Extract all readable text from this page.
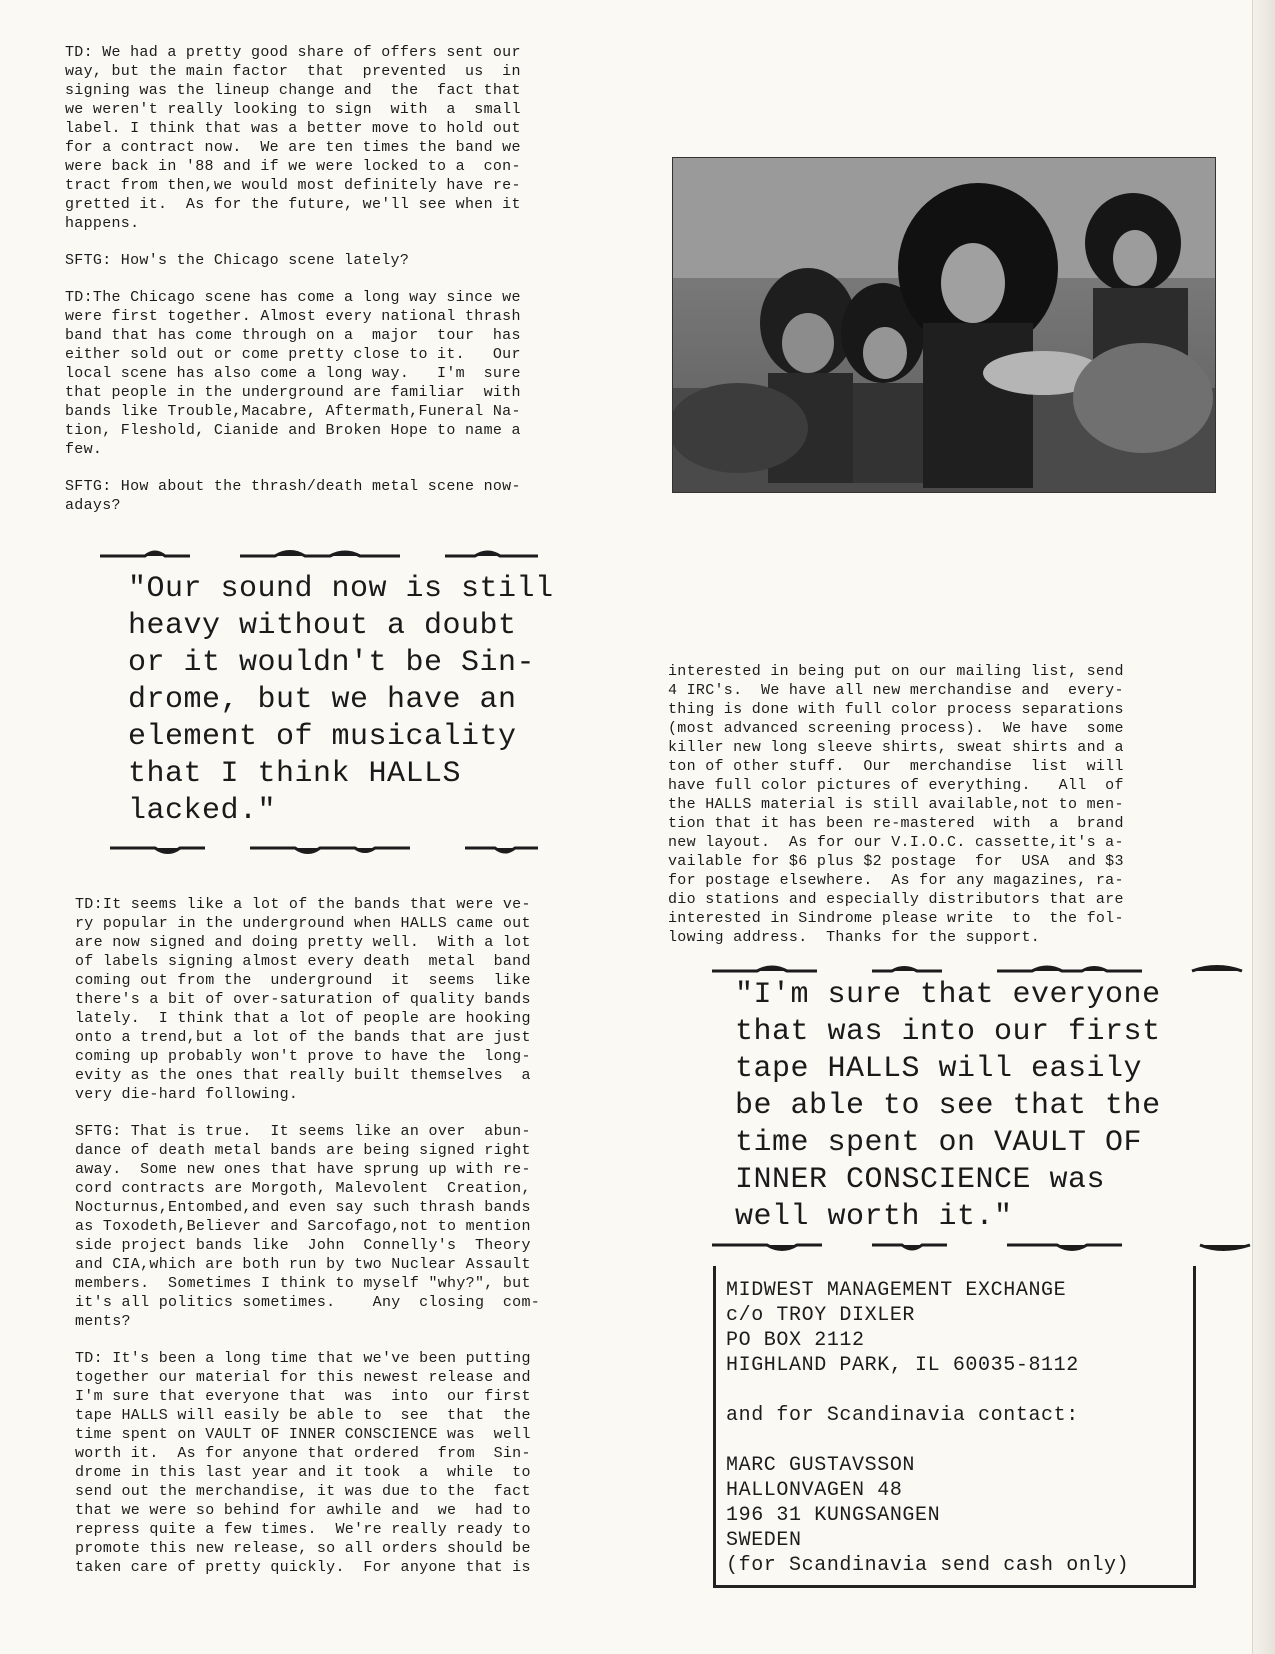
TD: We had a pretty good share of offers sent our
way, but the main factor  that  prevented  us  in
signing was the lineup change and  the  fact that
we weren't really looking to sign  with  a  small
label. I think that was a better move to hold out
for a contract now.  We are ten times the band we
were back in '88 and if we were locked to a  con-
tract from then,we would most definitely have re-
gretted it.  As for the future, we'll see when it
happens.

SFTG: How's the Chicago scene lately?

TD:The Chicago scene has come a long way since we
were first together. Almost every national thrash
band that has come through on a  major  tour  has
either sold out or come pretty close to it.   Our
local scene has also come a long way.   I'm  sure
that people in the underground are familiar  with
bands like Trouble,Macabre, Aftermath,Funeral Na-
tion, Fleshold, Cianide and Broken Hope to name a
few.

SFTG: How about the thrash/death metal scene now-
adays?

"Our sound now is still
heavy without a doubt
or it wouldn't be Sin-
drome, but we have an
element of musicality
that I think HALLS
lacked."

TD:It seems like a lot of the bands that were ve-
ry popular in the underground when HALLS came out
are now signed and doing pretty well.  With a lot
of labels signing almost every death  metal  band
coming out from the  underground  it  seems  like
there's a bit of over-saturation of quality bands
lately.  I think that a lot of people are hooking
onto a trend,but a lot of the bands that are just
coming up probably won't prove to have the  long-
evity as the ones that really built themselves  a
very die-hard following.

SFTG: That is true.  It seems like an over  abun-
dance of death metal bands are being signed right
away.  Some new ones that have sprung up with re-
cord contracts are Morgoth, Malevolent  Creation,
Nocturnus,Entombed,and even say such thrash bands
as Toxodeth,Believer and Sarcofago,not to mention
side project bands like  John  Connelly's  Theory
and CIA,which are both run by two Nuclear Assault
members.  Sometimes I think to myself "why?", but
it's all politics sometimes.    Any  closing  com-
ments?

TD: It's been a long time that we've been putting
together our material for this newest release and
I'm sure that everyone that  was  into  our first
tape HALLS will easily be able to  see  that  the
time spent on VAULT OF INNER CONSCIENCE was  well
worth it.  As for anyone that ordered  from  Sin-
drome in this last year and it took  a  while  to
send out the merchandise, it was due to the  fact
that we were so behind for awhile and  we  had to
repress quite a few times.  We're really ready to
promote this new release, so all orders should be
taken care of pretty quickly.  For anyone that is

interested in being put on our mailing list, send
4 IRC's.  We have all new merchandise and  every-
thing is done with full color process separations
(most advanced screening process).  We have  some
killer new long sleeve shirts, sweat shirts and a
ton of other stuff.  Our  merchandise  list  will
have full color pictures of everything.   All  of
the HALLS material is still available,not to men-
tion that it has been re-mastered  with  a  brand
new layout.  As for our V.I.O.C. cassette,it's a-
vailable for $6 plus $2 postage  for  USA  and $3
for postage elsewhere.  As for any magazines, ra-
dio stations and especially distributors that are
interested in Sindrome please write  to  the fol-
lowing address.  Thanks for the support.

"I'm sure that everyone
that was into our first
tape HALLS will easily
be able to see that the
time spent on VAULT OF
INNER CONSCIENCE was
well worth it."

MIDWEST MANAGEMENT EXCHANGE

c/o TROY DIXLER

PO BOX 2112

HIGHLAND PARK, IL 60035-8112

and for Scandinavia contact:

MARC GUSTAVSSON

HALLONVAGEN 48

196 31 KUNGSANGEN

SWEDEN

(for Scandinavia send cash only)
